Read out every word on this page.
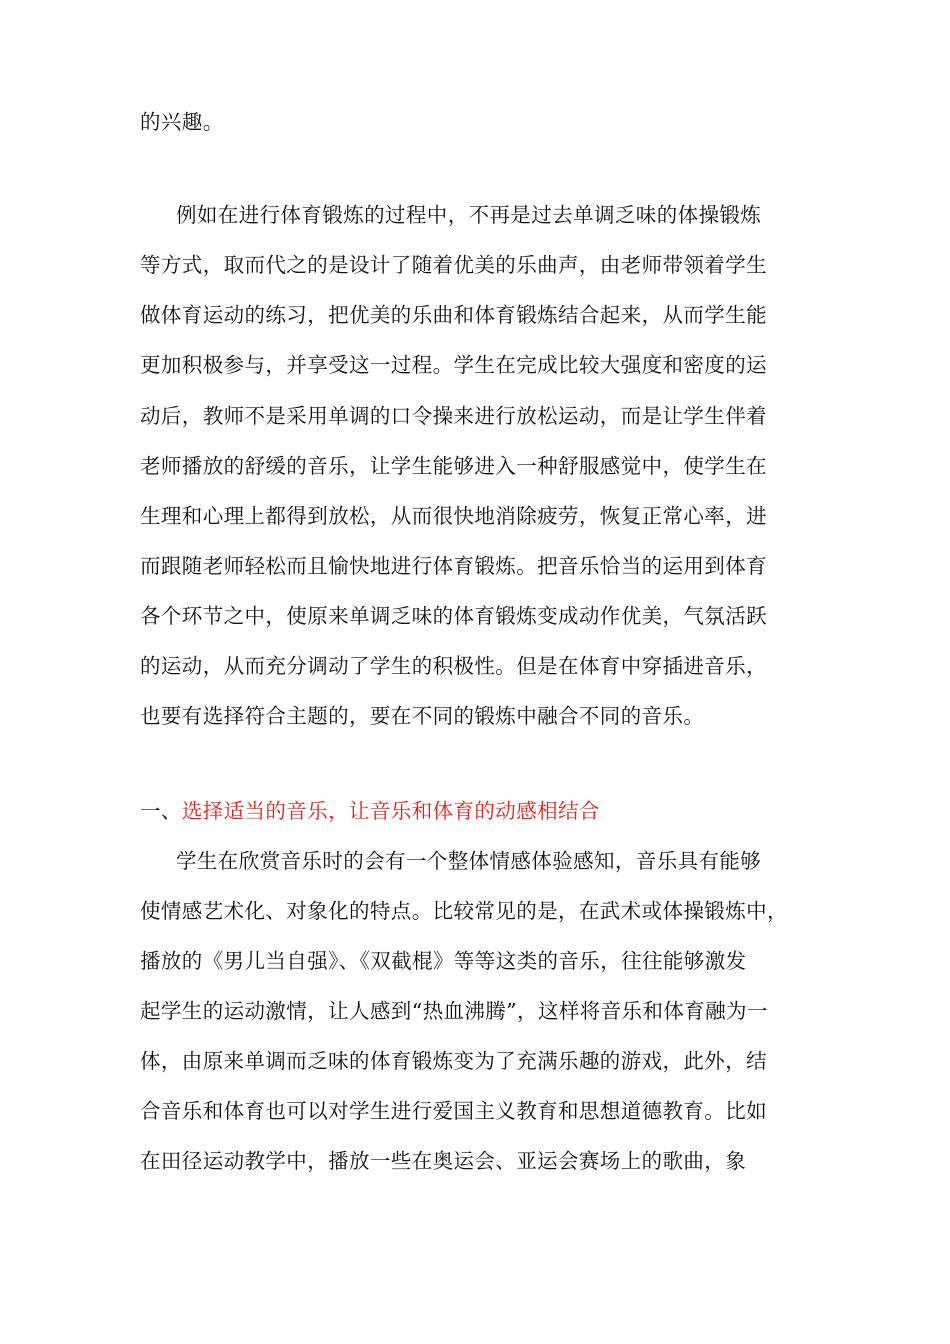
的兴趣。
例如在进行体育锻炼的过程中，不再是过去单调乏味的体操锻炼
等方式，取而代之的是设计了随着优美的乐曲声，由老师带领着学生
做体育运动的练习，把优美的乐曲和体育锻炼结合起来，从而学生能
更加积极参与，并享受这一过程。学生在完成比较大强度和密度的运
动后，教师不是采用单调的口令操来进行放松运动，而是让学生伴着
老师播放的舒缓的音乐，让学生能够进入一种舒服感觉中，使学生在
生理和心理上都得到放松，从而很快地消除疲劳，恢复正常心率，进
而跟随老师轻松而且愉快地进行体育锻炼。把音乐恰当的运用到体育
各个环节之中，使原来单调乏味的体育锻炼变成动作优美，气氛活跃
的运动，从而充分调动了学生的积极性。但是在体育中穿插进音乐，
也要有选择符合主题的，要在不同的锻炼中融合不同的音乐。
一、选择适当的音乐，让音乐和体育的动感相结合
学生在欣赏音乐时的会有一个整体情感体验感知，音乐具有能够
使情感艺术化、对象化的特点。比较常见的是，在武术或体操锻炼中，
播放的《男儿当自强》、《双截棍》等等这类的音乐，往往能够激发
起学生的运动激情，让人感到“热血沸腾”，这样将音乐和体育融为一
体，由原来单调而乏味的体育锻炼变为了充满乐趣的游戏，此外，结
合音乐和体育也可以对学生进行爱国主义教育和思想道德教育。比如
在田径运动教学中，播放一些在奥运会、亚运会赛场上的歌曲，象
